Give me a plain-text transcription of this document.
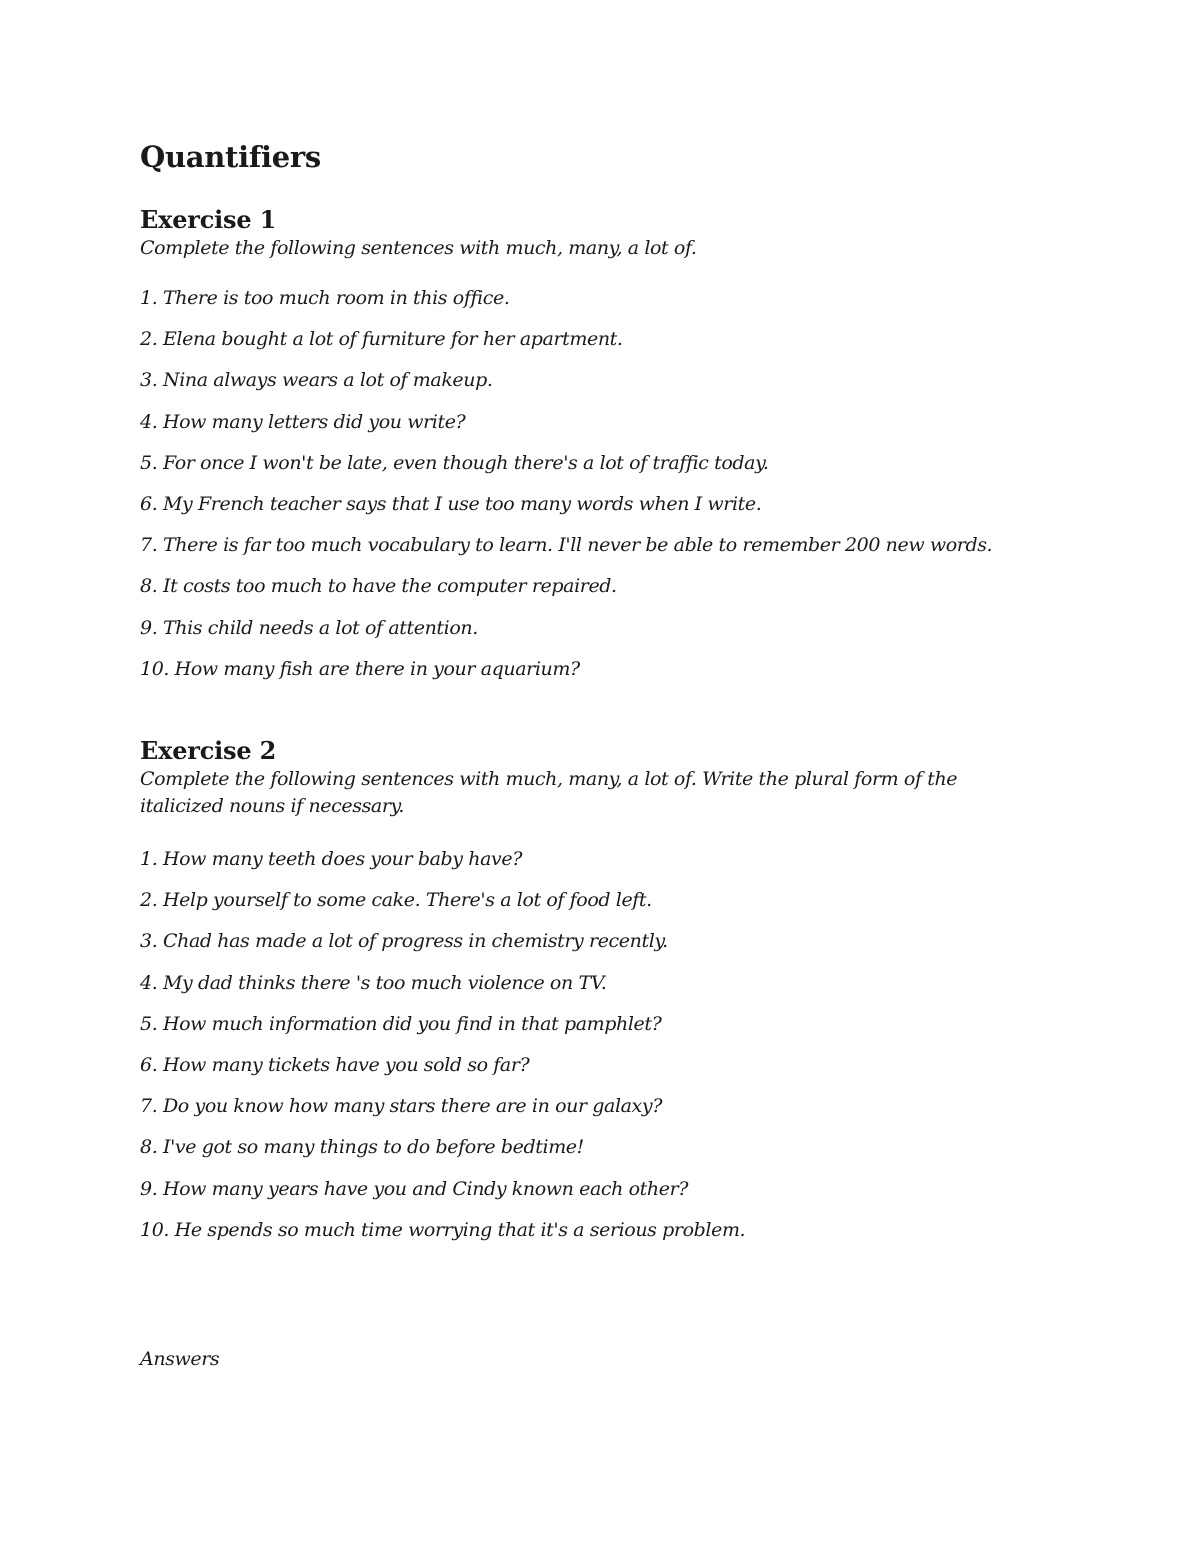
Quantifiers
Exercise 1

Complete the following sentences with much, many, a lot of.

1. There is too much room in this office.
2. Elena bought a lot of furniture for her apartment.
3. Nina always wears a lot of makeup.
4. How many letters did you write?
5. For once I won't be late, even though there's a lot of traffic today.
6. My French teacher says that I use too many words when I write.
7. There is far too much vocabulary to learn. I'll never be able to remember 200 new words.
8. It costs too much to have the computer repaired.
9. This child needs a lot of attention.
10. How many fish are there in your aquarium?
Exercise 2

Complete the following sentences with much, many, a lot of. Write the plural form of the italicized nouns if necessary.

1. How many teeth does your baby have?
2. Help yourself to some cake. There's a lot of food left.
3. Chad has made a lot of progress in chemistry recently.
4. My dad thinks there 's too much violence on TV.
5. How much information did you find in that pamphlet?
6. How many tickets have you sold so far?
7. Do you know how many stars there are in our galaxy?
8. I've got so many things to do before bedtime!
9. How many years have you and Cindy known each other?
10. He spends so much time worrying that it's a serious problem.

Answers
